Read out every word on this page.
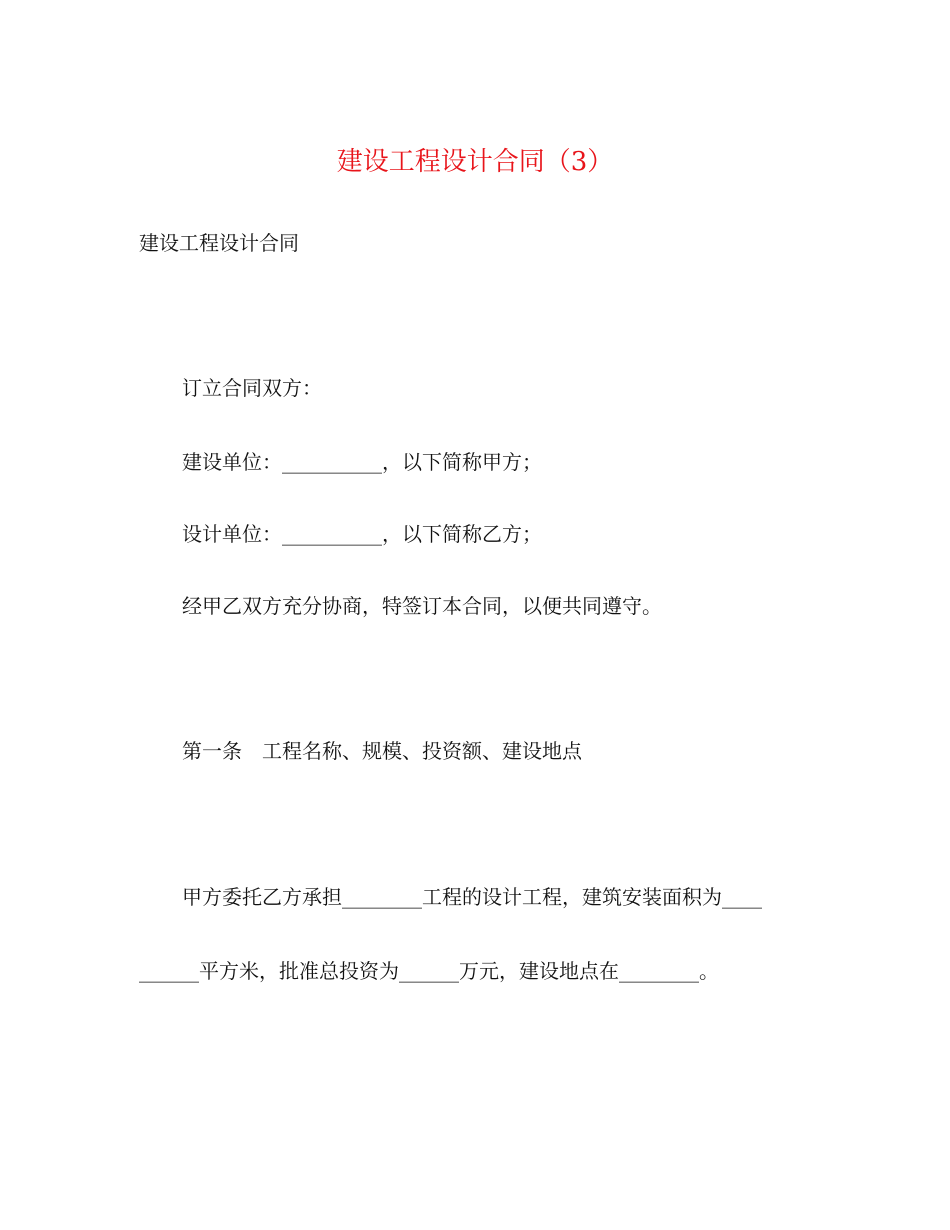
建设工程设计合同（3）

建设工程设计合同

订立合同双方：

建设单位：__________，以下简称甲方；

设计单位：__________，以下简称乙方；

经甲乙双方充分协商，特签订本合同，以便共同遵守。

第一条　工程名称、规模、投资额、建设地点

甲方委托乙方承担________工程的设计工程，建筑安装面积为____

______平方米，批准总投资为______万元，建设地点在________。
